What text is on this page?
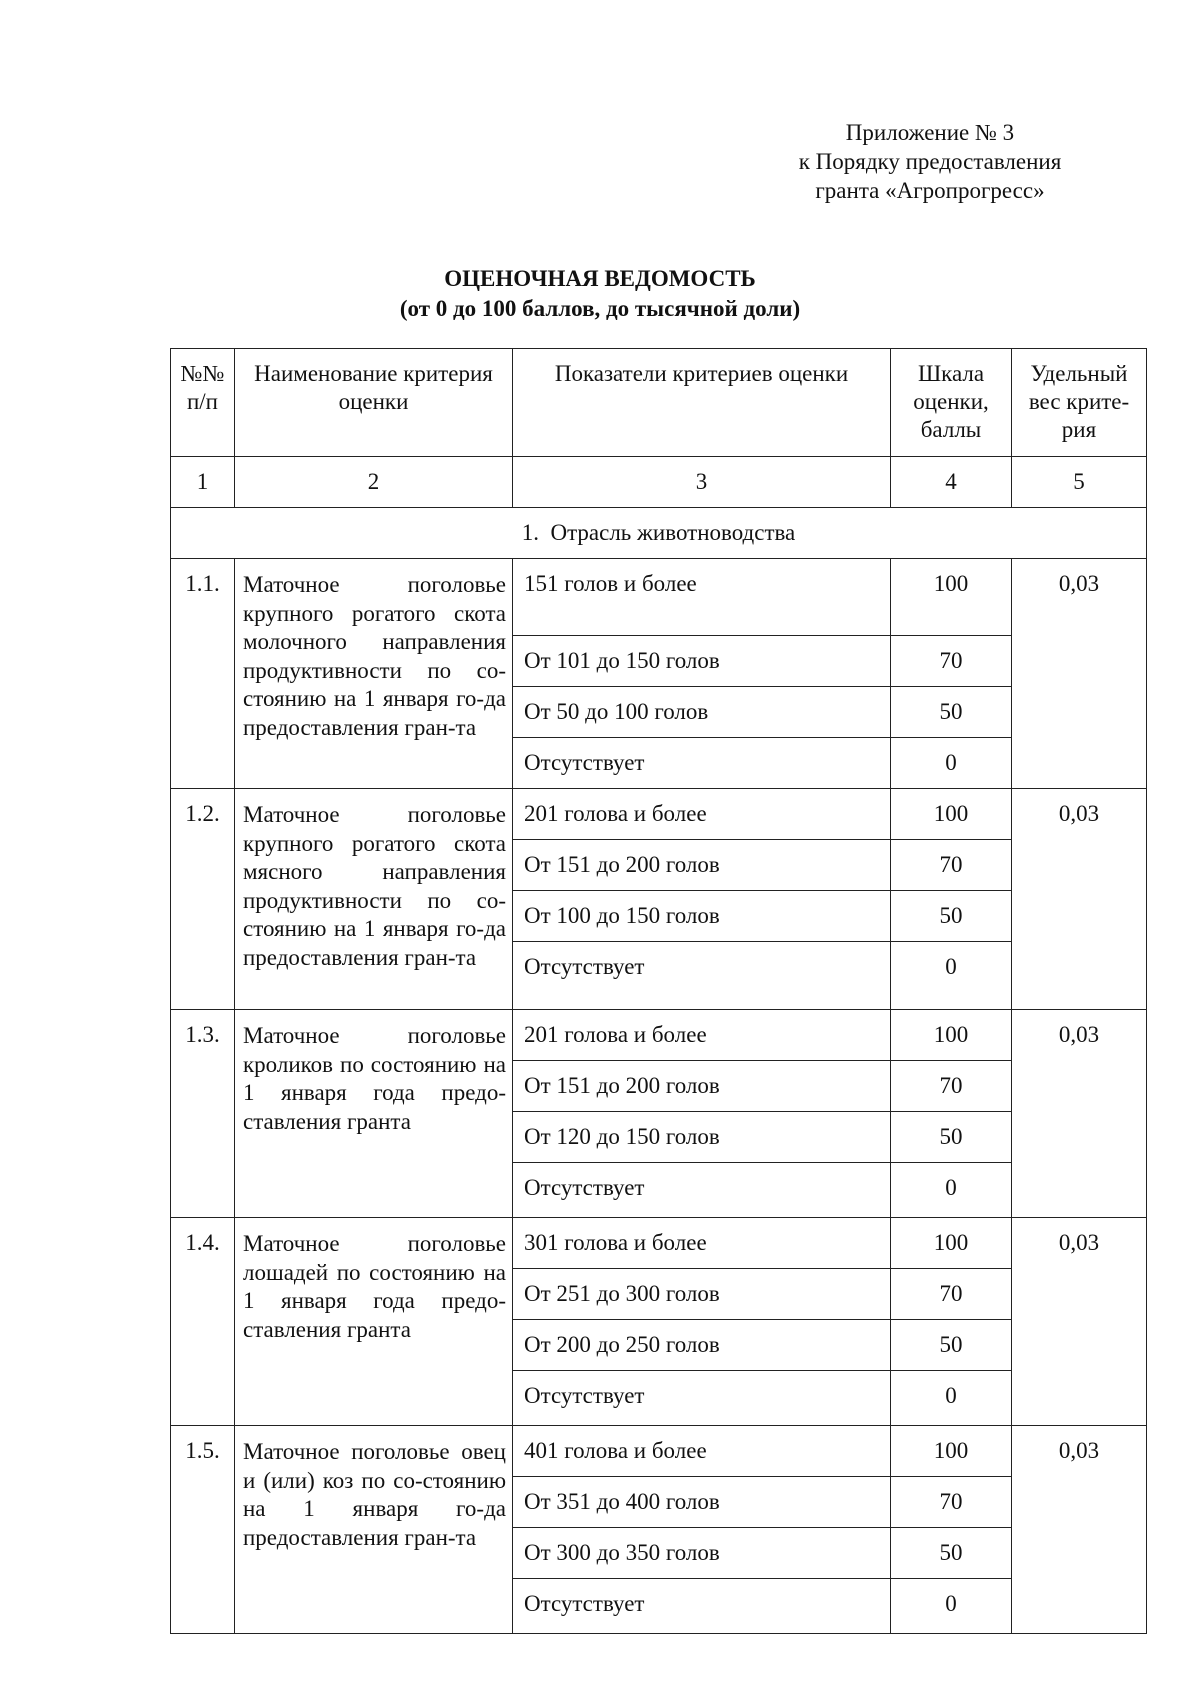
Приложение № 3
к Порядку предоставления
гранта «Агропрогресс»
ОЦЕНОЧНАЯ ВЕДОМОСТЬ
(от 0 до 100 баллов, до тысячной доли)
№№ п/п	Наименование критерия оценки	Показатели критериев оценки	Шкала оценки, баллы	Удельный вес крите-рия
1	2	3	4	5
1.  Отрасль животноводства				
1.1.	Маточное поголовье крупного рогатого скота молочного направления продуктивности по со-стоянию на 1 января го-да предоставления гран-та	151 голов и более	100	0,03
		От 101 до 150 голов	70	
		От 50 до 100 голов	50	
		Отсутствует	0	
1.2.	Маточное поголовье крупного рогатого скота мясного направления продуктивности по со-стоянию на 1 января го-да предоставления гран-та	201 голова и более	100	0,03
		От 151 до 200 голов	70	
		От 100 до 150 голов	50	
		Отсутствует	0	
1.3.	Маточное поголовье кроликов по состоянию на 1 января года предо-ставления гранта	201 голова и более	100	0,03
		От 151 до 200 голов	70	
		От 120 до 150 голов	50	
		Отсутствует	0	
1.4.	Маточное поголовье лошадей по состоянию на 1 января года предо-ставления гранта	301 голова и более	100	0,03
		От 251 до 300 голов	70	
		От 200 до 250 голов	50	
		Отсутствует	0	
1.5.	Маточное поголовье овец и (или) коз по со-стоянию на 1 января го-да предоставления гран-та	401 голова и более	100	0,03
		От 351 до 400 голов	70	
		От 300 до 350 голов	50	
		Отсутствует	0	
